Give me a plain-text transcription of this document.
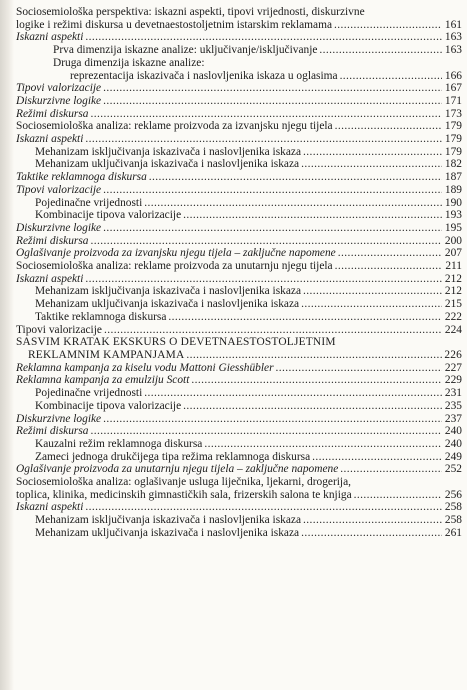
Sociosemiološka perspektiva: iskazni aspekti, tipovi vrijednosti, diskurzivne
logike i režimi diskursa u devetnaestostoljetnim istarskim reklamama .....	161
Iskazni aspekti .....	163
Prva dimenzija iskazne analize: uključivanje/isključivanje .....	163
Druga dimenzija iskazne analize:
reprezentacija iskazivača i naslovljenika iskaza u oglasima .....	166
Tipovi valorizacije .....	167
Diskurzivne logike .....	171
Režimi diskursa .....	173
Sociosemiološka analiza: reklame proizvoda za izvanjsku njegu tijela .....	179
Iskazni aspekti .....	179
Mehanizam isključivanja iskazivača i naslovljenika iskaza .....	179
Mehanizam uključivanja iskazivača i naslovljenika iskaza .....	182
Taktike reklamnoga diskursa .....	187
Tipovi valorizacije .....	189
Pojedinačne vrijednosti .....	190
Kombinacije tipova valorizacije .....	193
Diskurzivne logike .....	195
Režimi diskursa .....	200
Oglašivanje proizvoda za izvanjsku njegu tijela – zaključne napomene .....	207
Sociosemiološka analiza: reklame proizvoda za unutarnju njegu tijela .....	211
Iskazni aspekti .....	212
Mehanizam isključivanja iskazivača i naslovljenika iskaza .....	212
Mehanizam uključivanja iskazivača i naslovljenika iskaza .....	215
Taktike reklamnoga diskursa .....	222
Tipovi valorizacije .....	224
SASVIM KRATAK EKSKURS O DEVETNAESTOSTOLJETNIM
REKLAMNIM KAMPANJAMA .....	226
Reklamna kampanja za kiselu vodu Mattoni Giesshübler .....	227
Reklamna kampanja za emulziju Scott .....	229
Pojedinačne vrijednosti .....	231
Kombinacije tipova valorizacije .....	235
Diskurzivne logike .....	237
Režimi diskursa .....	240
Kauzalni režim reklamnoga diskursa .....	240
Zameci jednoga drukčijega tipa režima reklamnoga diskursa .....	249
Oglašivanje proizvoda za unutarnju njegu tijela – zaključne napomene .....	252
Sociosemiološka analiza: oglašivanje usluga liječnika, ljekarni, drogerija,
toplica, klinika, medicinskih gimnastičkih sala, frizerskih salona te knjiga .....	256
Iskazni aspekti .....	258
Mehanizam isključivanja iskazivača i naslovljenika iskaza .....	258
Mehanizam uključivanja iskazivača i naslovljenika iskaza .....	261
